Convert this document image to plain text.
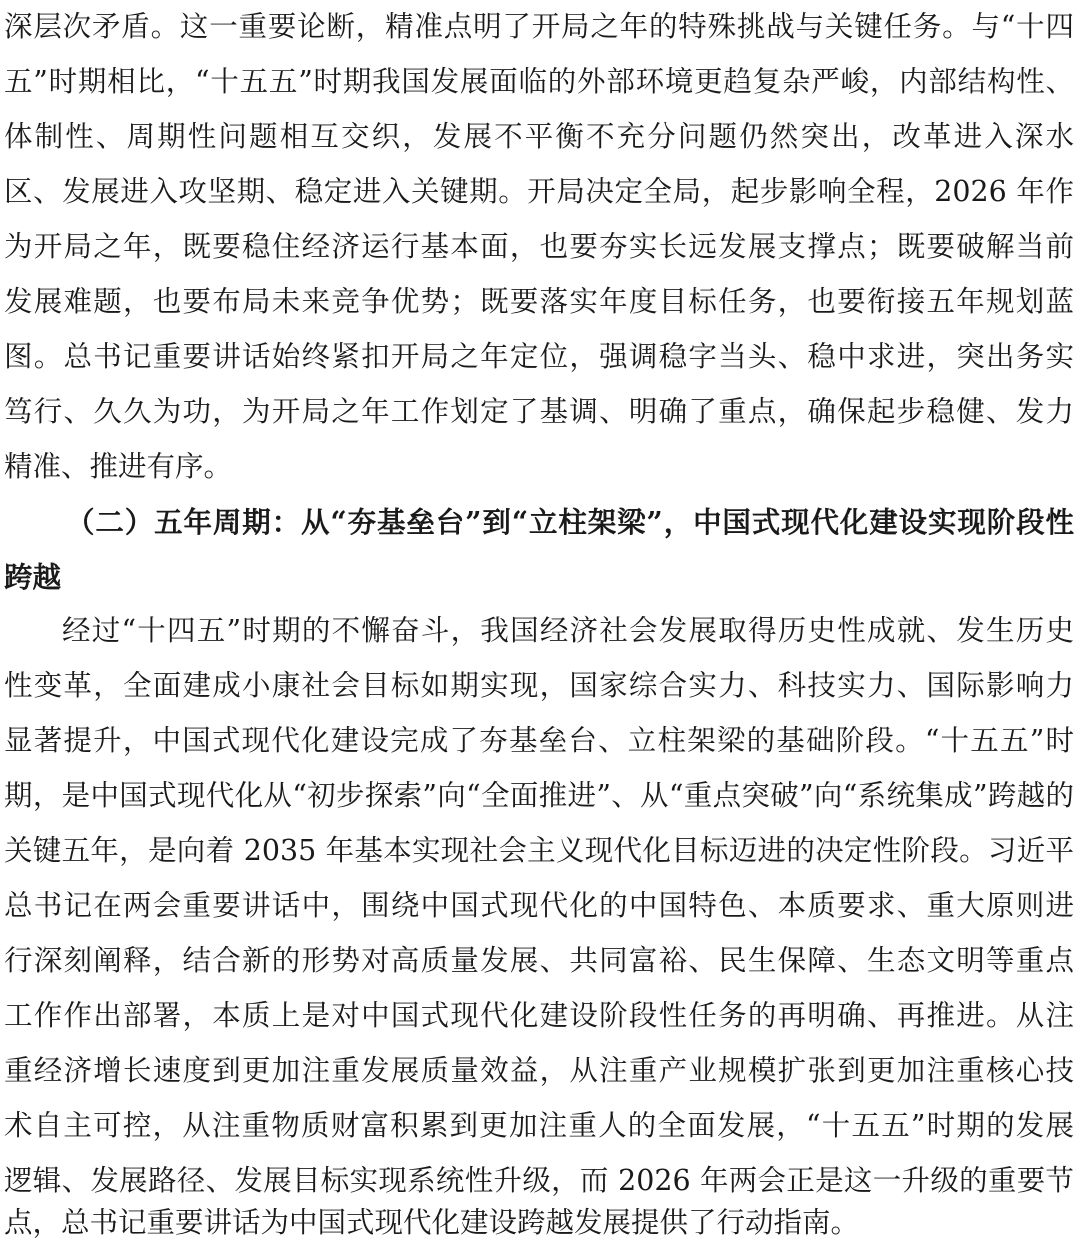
深层次矛盾。这一重要论断，精准点明了开局之年的特殊挑战与关键任务。与“十四
五”时期相比，“十五五”时期我国发展面临的外部环境更趋复杂严峻，内部结构性、
体制性、周期性问题相互交织，发展不平衡不充分问题仍然突出，改革进入深水
区、发展进入攻坚期、稳定进入关键期。开局决定全局，起步影响全程，2026 年作
为开局之年，既要稳住经济运行基本面，也要夯实长远发展支撑点；既要破解当前
发展难题，也要布局未来竞争优势；既要落实年度目标任务，也要衔接五年规划蓝
图。总书记重要讲话始终紧扣开局之年定位，强调稳字当头、稳中求进，突出务实
笃行、久久为功，为开局之年工作划定了基调、明确了重点，确保起步稳健、发力
精准、推进有序。
（二）五年周期：从“夯基垒台”到“立柱架梁”，中国式现代化建设实现阶段性
跨越
经过“十四五”时期的不懈奋斗，我国经济社会发展取得历史性成就、发生历史
性变革，全面建成小康社会目标如期实现，国家综合实力、科技实力、国际影响力
显著提升，中国式现代化建设完成了夯基垒台、立柱架梁的基础阶段。“十五五”时
期，是中国式现代化从“初步探索”向“全面推进”、从“重点突破”向“系统集成”跨越的
关键五年，是向着 2035 年基本实现社会主义现代化目标迈进的决定性阶段。习近平
总书记在两会重要讲话中，围绕中国式现代化的中国特色、本质要求、重大原则进
行深刻阐释，结合新的形势对高质量发展、共同富裕、民生保障、生态文明等重点
工作作出部署，本质上是对中国式现代化建设阶段性任务的再明确、再推进。从注
重经济增长速度到更加注重发展质量效益，从注重产业规模扩张到更加注重核心技
术自主可控，从注重物质财富积累到更加注重人的全面发展，“十五五”时期的发展
逻辑、发展路径、发展目标实现系统性升级，而 2026 年两会正是这一升级的重要节
点，总书记重要讲话为中国式现代化建设跨越发展提供了行动指南。
